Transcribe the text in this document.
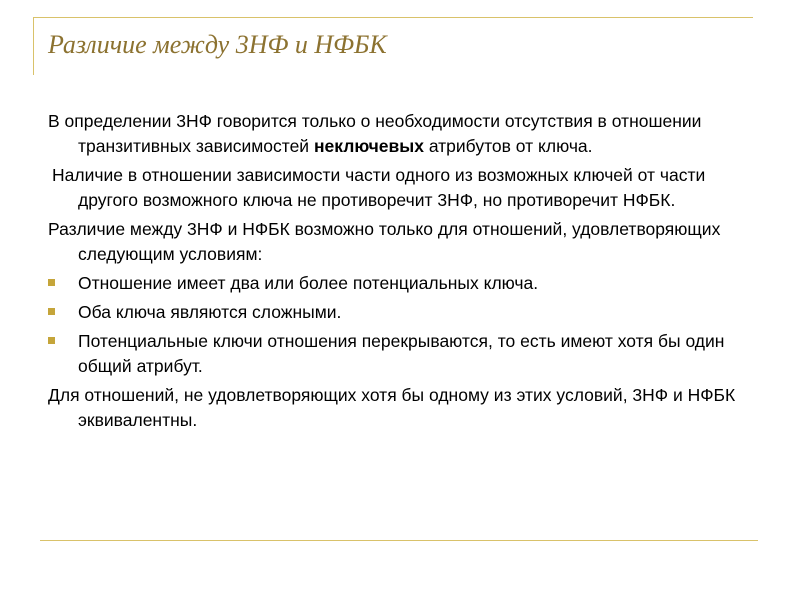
Различие между 3НФ и НФБК

В определении 3НФ говорится только о необходимости отсутствия в отношении транзитивных зависимостей неключевых атрибутов от ключа.

Наличие в отношении зависимости части одного из возможных ключей от части другого возможного ключа не противоречит 3НФ, но противоречит НФБК.

Различие между 3НФ и НФБК возможно только для отношений, удовлетворяющих следующим условиям:

Отношение имеет два или более потенциальных ключа.

Оба ключа являются сложными.

Потенциальные ключи отношения перекрываются, то есть имеют хотя бы один общий атрибут.

Для отношений, не удовлетворяющих хотя бы одному из этих условий, 3НФ и НФБК эквивалентны.
